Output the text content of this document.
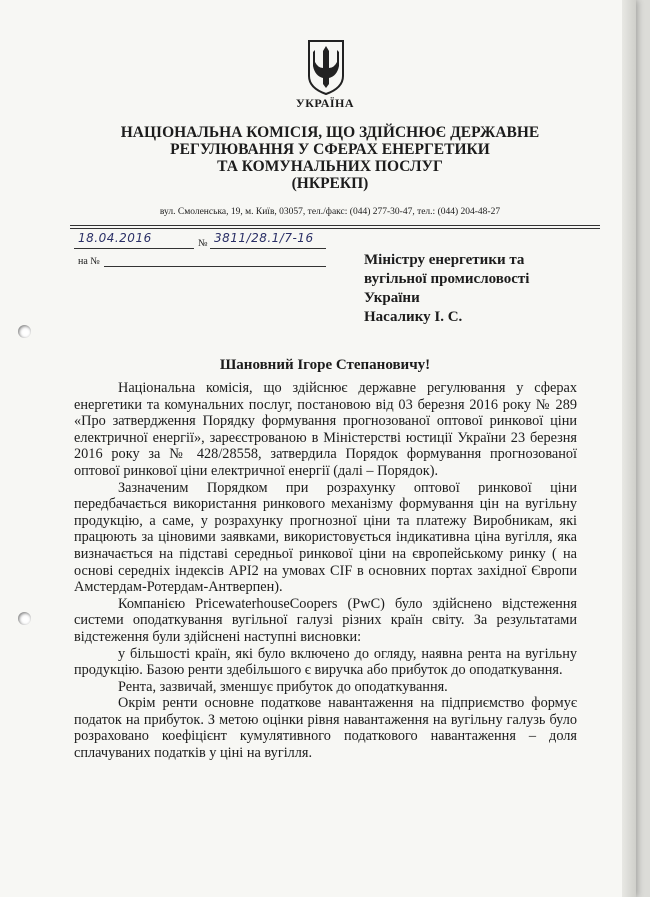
УКРАЇНА
НАЦІОНАЛЬНА КОМІСІЯ, ЩО ЗДІЙСНЮЄ ДЕРЖАВНЕ
РЕГУЛЮВАННЯ У СФЕРАХ ЕНЕРГЕТИКИ
ТА КОМУНАЛЬНИХ ПОСЛУГ
(НКРЕКП)
вул. Смоленська, 19, м. Київ, 03057, тел./факс: (044) 277-30-47, тел.: (044) 204-48-27
18.04.2016	№ 3811/28.1/7-16
на №	Міністру енергетики та
вугільної промисловості
України
Насалику І. С.
Шановний Ігоре Степановичу!

Національна комісія, що здійснює державне регулювання у сферах енергетики та комунальних послуг, постановою від 03 березня 2016 року № 289 «Про затвердження Порядку формування прогнозованої оптової ринкової ціни електричної енергії», зареєстрованою в Міністерстві юстиції України 23 березня 2016 року за № 428/28558, затвердила Порядок формування прогнозованої оптової ринкової ціни електричної енергії (далі – Порядок).

Зазначеним Порядком при розрахунку оптової ринкової ціни передбачається використання ринкового механізму формування цін на вугільну продукцію, а саме, у розрахунку прогнозної ціни та платежу Виробникам, які працюють за ціновими заявками, використовується індикативна ціна вугілля, яка визначається на підставі середньої ринкової ціни на європейському ринку ( на основі середніх індексів API2 на умовах CIF в основних портах західної Європи Амстердам-Ротердам-Антверпен).

Компанією PricewaterhouseCoopers (PwC) було здійснено відстеження системи оподаткування вугільної галузі різних країн світу. За результатами відстеження були здійснені наступні висновки:

у більшості країн, які було включено до огляду, наявна рента на вугільну продукцію. Базою ренти здебільшого є виручка або прибуток до оподаткування.

Рента, зазвичай, зменшує прибуток до оподаткування.

Окрім ренти основне податкове навантаження на підприємство формує податок на прибуток. З метою оцінки рівня навантаження на вугільну галузь було розраховано коефіцієнт кумулятивного податкового навантаження – доля сплачуваних податків у ціні на вугілля.
